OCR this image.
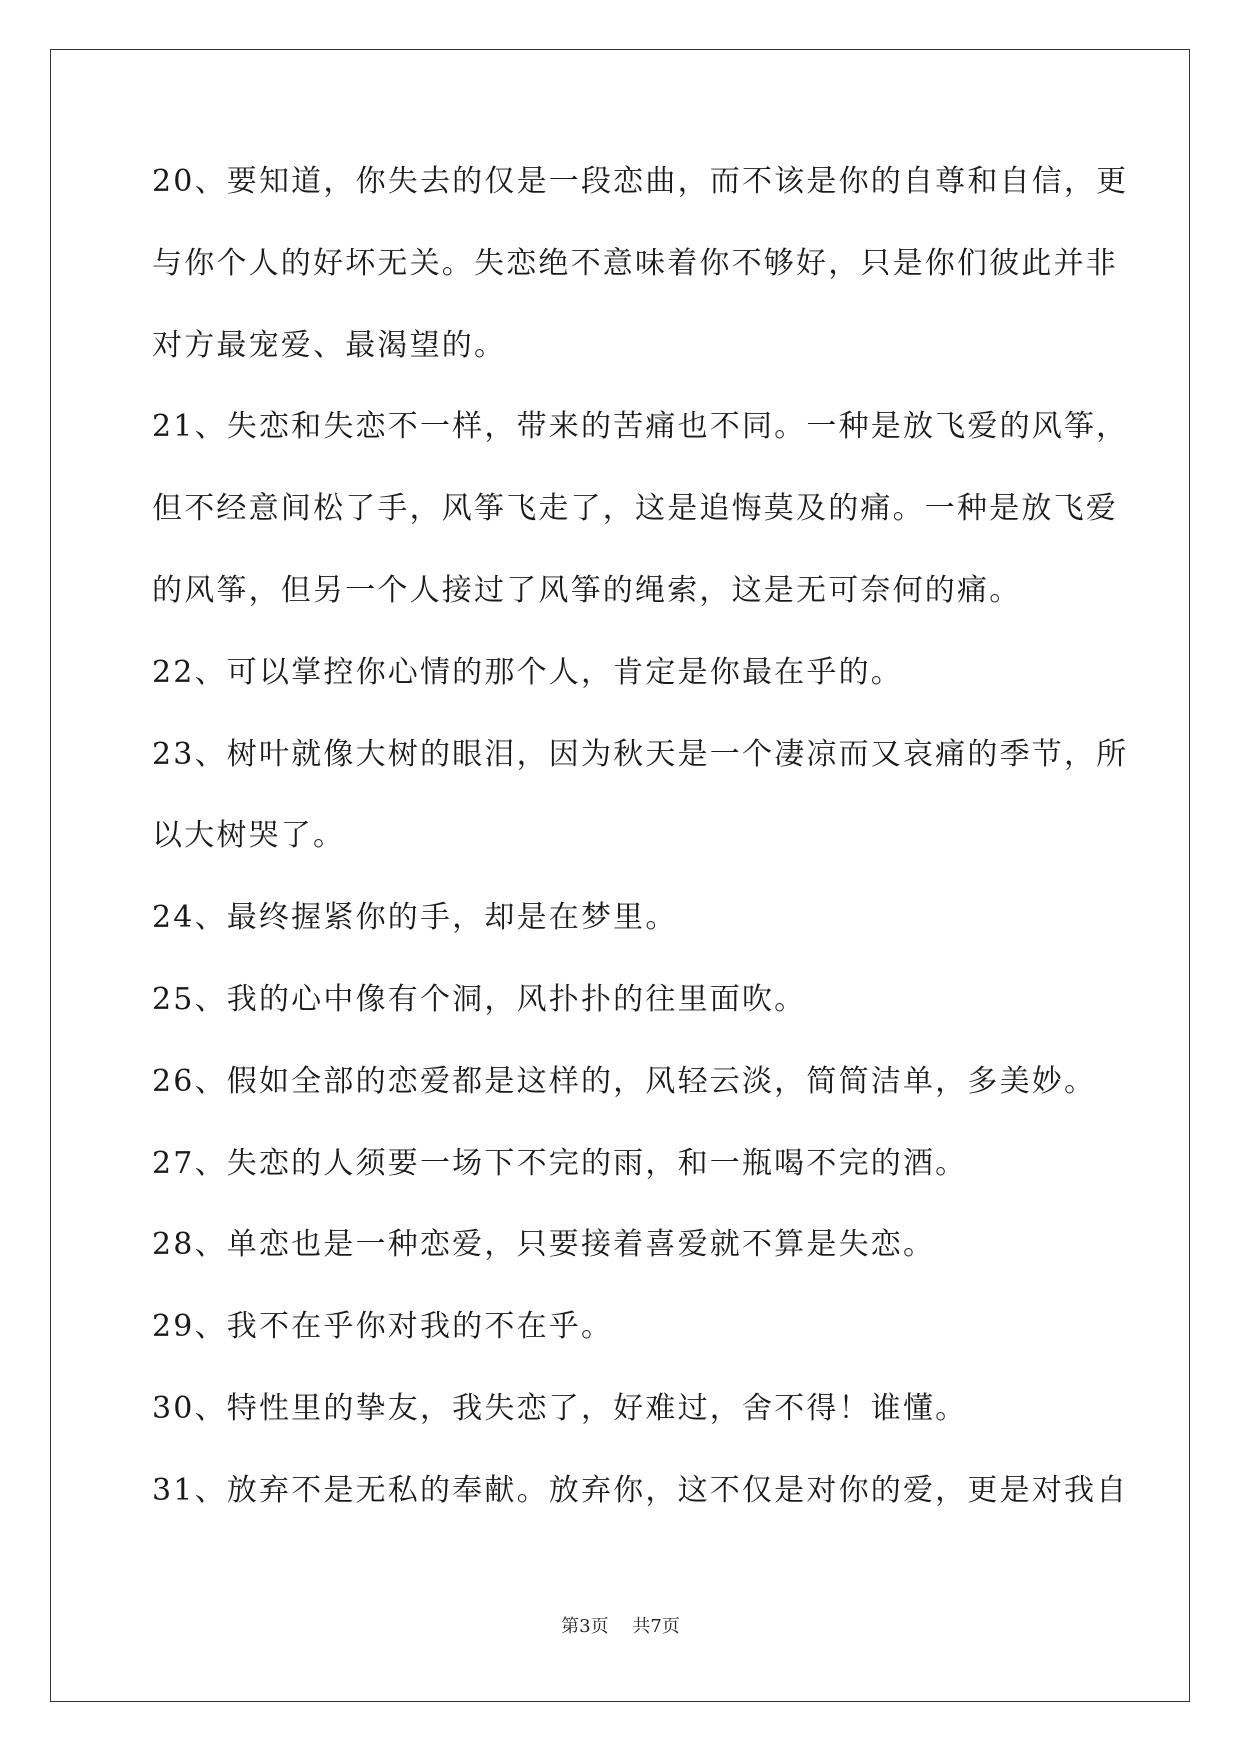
20、要知道，你失去的仅是一段恋曲，而不该是你的自尊和自信，更
与你个人的好坏无关。失恋绝不意味着你不够好，只是你们彼此并非
对方最宠爱、最渴望的。
21、失恋和失恋不一样，带来的苦痛也不同。一种是放飞爱的风筝，
但不经意间松了手，风筝飞走了，这是追悔莫及的痛。一种是放飞爱
的风筝，但另一个人接过了风筝的绳索，这是无可奈何的痛。
22、可以掌控你心情的那个人，肯定是你最在乎的。
23、树叶就像大树的眼泪，因为秋天是一个凄凉而又哀痛的季节，所
以大树哭了。
24、最终握紧你的手，却是在梦里。
25、我的心中像有个洞，风扑扑的往里面吹。
26、假如全部的恋爱都是这样的，风轻云淡，简简洁单，多美妙。
27、失恋的人须要一场下不完的雨，和一瓶喝不完的酒。
28、单恋也是一种恋爱，只要接着喜爱就不算是失恋。
29、我不在乎你对我的不在乎。
30、特性里的挚友，我失恋了，好难过，舍不得！谁懂。
31、放弃不是无私的奉献。放弃你，这不仅是对你的爱，更是对我自
第3页 共7页
